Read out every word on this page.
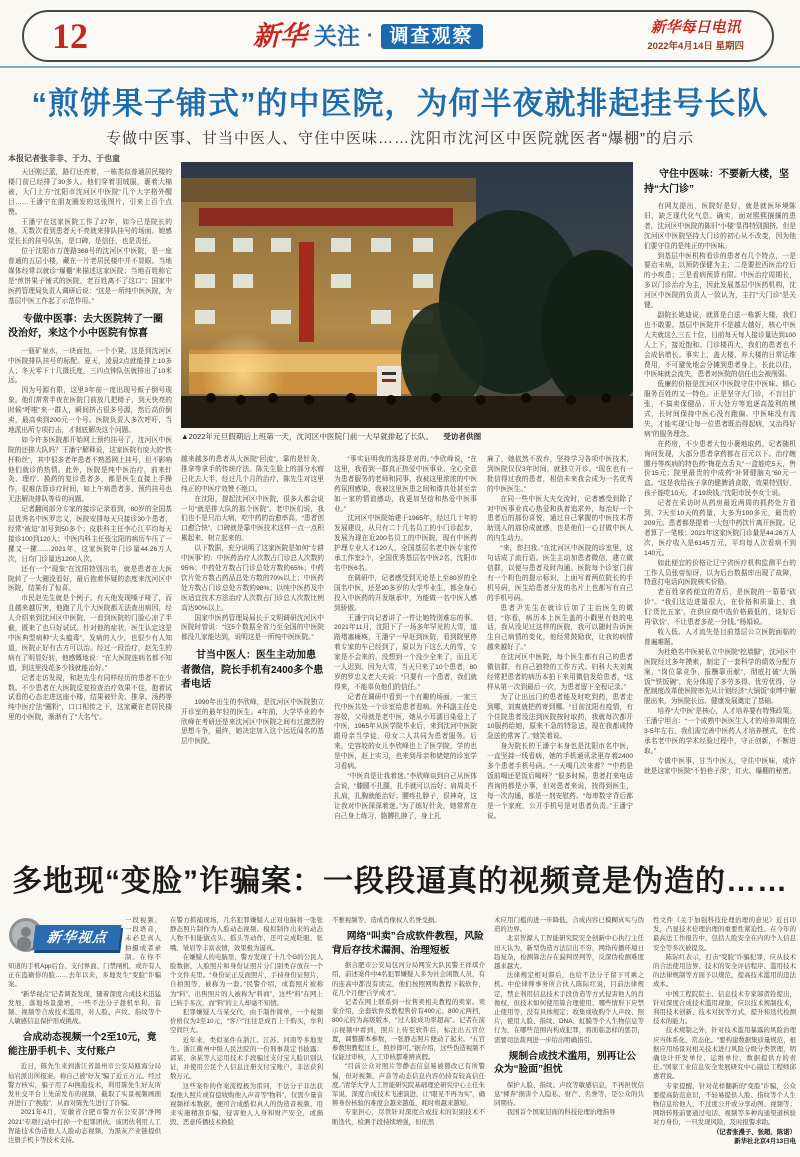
12	新华 关注 · 调查观察	新华每日电讯
2022年4月14日 星期四
“煎饼果子铺式”的中医院，为何半夜就排起挂号长队
专做中医事、甘当中医人、守住中医味……沈阳市沈河区中医院就医者“爆棚”的启示
本报记者张非非、于力、于也童
天还刚泛蓝，路灯还亮着，一栋类似普通居民楼的楼门前已经排了30多人。他们穿着羽绒服，裹着大棉被，大门上方“沈阳市沈河区中医院”几个大字格外醒目……王潘宁在朋友圈发的这张图片，引来上百个点赞。
王潘宁在这家医院工作了27年，如今已是院长的她，无数次看到患者天不亮就来排队挂号的场面。她感觉长长的挂号队伍，是口碑，是信任，也是责任。
位于沈阳市万莲路368号的沈河区中医院，是一座普通的五层小楼，藏在一片老居民楼中并不显眼。当地媒体经常以就诊“爆棚”来描述这家医院；当地百姓称它是“煎饼果子铺式的医院，老百姓离不了这口”；国家中医药管理局负责人调研后说：“这是一所纯中医医院，为基层中医工作起了示范作用。”
专做中医事：去大医院转了一圈没治好，来这个小中医院有惊喜
一瓶矿泉水，一块面包，一个小凳，这是到沈河区中医院排队挂号的标配。夏天，凌晨2点就能排上10多人；冬天零下十几摄氏度，三四点钟队伍就排出了10米远。
因为号源有限，这里3年前一度出现号贩子倒号现象。他们常常半夜在医院门前放几把椅子，到天快亮的时候“呼啦”来一群人，瞬间挤占很多号源，然后高价倒卖，最高卖到200元一个号。医院负责人多次呼吁，当地派出所专项打击，才彻底解决这个问题。
如今许多医院都开始网上预约挂号了，沈河区中医院的还排大队吗？王潘宁解释说，这家医院有庞大的“铁杆粉丝”，其中很多老年患者不熟悉网上挂号，但不影响他们就诊的热情。此外，医院是纯中医治疗，前来针灸、理疗、换药的复诊患者多，都是医生直接上手操作，很难估算诊疗时间，如上午病患者多，预约挂号也无法解决排队等待的问题。
记者翻阅部分专家的接诊记录看到，80岁的全国基层优秀名中医罗忠义，医院安排每天只接诊30个患者，经常“被迫”加号到50多个；皮肤科主任李心江平均每天接诊100到120人；中医内科主任张宝阳的病历车压了一摞又一摞……2021年，这家医院年门诊量44.26万人次，日均门诊量达1200人次。
还有一个“现象”在沈阳特别出名，就是患者在大医院转了一大圈没看好，最后抱着怀疑的态度来沈河区中医院，结果有了惊喜。
市民赵先生就是个例子。有天他发现嗓子哑了，而且越来越厉害，他跑了几个大医院都无法查出病因，经人介绍来到沈河区中医院，一看到医院的门脸心凉了半截，既来了也只好试试。针对他的症状，医生认定这是中医典型病种“大头瘟毒”，发病的人少，也很少有人知道，医院正好有古方可以治。经过一段治疗，赵先生的病有了明显好转，他感慨地说：“在大医院连病名都不知道，到这里没花多少钱就能治好。”
记者走访发现，和赵先生有同样经历的患者不在少数。不少患者在大医院反复检查治疗效果不佳，抱着试试看的心态走进这座小楼，结果被针灸、推拿、汤药等纯中医疗法“圈粉”，口口相传之下，这家藏在老居民楼里的小医院，渐渐有了“大名气”。
▲2022年元旦假期后上班第一天，沈河区中医院门前一大早就排起了长队。 受访者供图
越来越多的患者从大医院“回流”，靠的是针灸、推拿等拿手的传统疗法。陈先生脸上的部分水瘤已化去大半，经过几个月的治疗，陈先生对这里纯正的中医疗效赞不绝口。
在沈阳，提起沈河区中医院，很多人都会说一句“就是排大队的那个医院”。老中医们说，我们也不是只治大病，吃中药的治愈率高，“患者创口愈合快”，口碑就是靠中医技术这样一点一点积累起来、树立起来的。
以下数据，充分说明了这家医院是如何“专耕中医事”的：中医药治疗人次数占门诊总人次数的95%；中药处方数占门诊总处方数的65%；中药饮片处方数占药品总处方数的70%以上；中医药处方数占门诊总处方数的98%；以纯中医药及中医适宜技术方法治疗人次数占门诊总人次数比例高达90%以上。
国家中医药管理局局长于文明调研沈河区中医院时曾说：“这5个数据全省乃至全国的中医院都没几家能达到，说明这是一所纯中医医院。”
甘当中医人：医生主动加患者微信，院长手机有2400多个患者电话
1990年出生的李欣峰，是沈河区中医院独立开诊室的最年轻的医生。4年前，大学毕业的李欣峰在考研还是来沈河区中医院之间有过激烈的思想斗争，最终，她决定加入这个远近闻名的基层中医院。
“事实证明我的选择是对的。”李欣峰说，“在这里，我看到一群真正热爱中医事业、全心全意为患者服务的老师和同事，我被这里浓浓的中医药氛围感染，我被这里医患之间和谐共处甚至亲如一家的情谊感动，我更加坚信和热爱中医事业。”
沈河区中医院始建于1965年，经过几十年的发展建设，从只有二十几名员工的小门诊起步，发展为现在近200名员工的中医院，现有中医药护理专业人才120人，全国基层名老中医专家传承工作室2个，全国优秀基层名中医2名，沈阳市名中医6名。
在调研中，记者感受到无论是上至80岁的全国名中医，还是20多岁的大学毕业生，都全身心投入中医药的开发继承中，为能做一名中医人感到骄傲。
王潘宁向记者讲了一件让她特别难忘的事。2021年11月，沈阳下了一场多年罕见的大雪，道路堵塞瘫痪，王潘宁一早赶到医院，看到院里停着专家的车已经到了，原以为下这么大的雪，专家是不会来的，没想到一个没少全来了，而且无一人迟到。因为大雪，当天只来了10个患者，80岁的罗忠义老大夫说：“只要有一个患者，我们就得来，不能辜负他们的信任。”
记者在调研中看到一个有趣的场面，一家三代中医共处一个诊室给患者看病。外科副主任史容姣，父母就是老中医，她从小耳濡目染爱上了中医，1965年从医学院毕业后，来到沈河中医院跟母亲当学徒，母女二人共同为患者服务。后来，史容姣的女儿李欣峰也上了医学院，学的也是中医，赶上实习，也来到母亲和姥姥的诊室学习看病。
“中医真是让我着迷。”李欣峰谈到自己从医体会说，“膝腿不扎腿，扎手就可以治好；肩周炎不扎肩，扎胸就能治好；腰疼扎脖子，很神奇，这让我对中医深深着迷。”为了练好针灸，她常常在自己身上练习，胳膊扎肿了，身上扎
麻了，她依然不放弃，坚持学习各项中医技术，到医院仅仅3年时间，就独立开诊。“现在也有一批信得过我的患者，相信未来我会成为一名优秀的中医医生。”
在同一些中医大夫交流时，记者感受到除了对中医事业真心热爱和执着追求外，每治好一个患者后的那份喜悦，通过自己掌握的中医技术帮助别人的那份成就感，也是他们一心甘做中医人的内生动力。
“来，您扫我。”在沈河区中医院的诊室里，这句话成了流行语。医生主动加患者微信，建立微信群，以便与患者及时沟通。医院每个诊室门前有一个粉色的提示标识，上面写着两位院长的手机号码，医生给患者分发的名片上也都写有自己的手机号码。
患者尹先生在就诊后加了主治医生的微信，“你看，病历本上医生盖的小戳里有他的电话，我从没见过这样的医院，我可以随时告诉医生自己病情的变化，他经常鼓励我，让我的病情越来越好了。”
在沈河区中医院，每个医生都有自己的患者微信群，有自己独特的工作方式。妇科大夫刘爽经常把患者的病历本拍下来用微信发给患者，“这样从第一次到最后一次，为患者留下全程记录。”
为了让出远门的患者能及时吃到药，患者走到哪，刘爽就把药寄到哪。“目前沈阳有疫情，有个住院患者没法到医院按时取药，我就每次都开10服药给她，原来不急的特急送，现在我都成特急送的常客了。”她笑着说。
身为院长的王潘宁本身也是沈阳市名中医，一直坚持一线看病，她的手机通讯录里存着2400多个患者手机号码。“一天喝几次来着？”“中药是饭前喝还是饭后喝呀？”很多时候，患者打来电话咨询的都是小事，但对患者来说，找得到医生，每一次沟通，都是一剂安慰药。“每串数字背后都是一个家庭，公开手机号是对患者负责。”王潘宁说。
守住中医味：不要新大楼，坚持“大门诊”
有网友提出，医院好是好，就是就医环境陈旧，缺乏现代化气息。确实，面对熙熙攘攘的患者，沈河区中医院的陈旧“小楼”显得特别拥挤。但是沈河区中医院坚持大门诊的初心从不改变，因为他们要守住的是纯正的中医味。
到基层中医机构看诊的患者有几个特点，一是要治未病，以预防保健为主；二是要挖西医治疗后的小疾患；三是看病预算有限。中医治疗周期长，多以门诊治疗为主，因此发展基层中医药机构，沈河区中医院的负责人一致认为，主打“大门诊”是关键。
副院长姚迪说，就算是白送一栋新大楼，我们也不敢要。基层中医院并不是越大越好，核心中医大夫就这么三五十位，目前每天每人接诊量达到100人上下，接近饱和。门诊楼再大，我们的患者也不会成倍增长。事实上，盖大楼、养大楼的日常运维费用，不可避免地会分摊到患者身上，长此以往，中医味就会流失，患者对医院的信任也会被削弱。
低廉的价格是沈河区中医院守住中医味、倾心服务百姓的又一特色。正是坚守大门诊，不盲目扩张，不搞卖保健品、开大处方等追逐高盈利的模式，长时间保持中医心没有跑偏、中医味没有流失，才能实现“让每一位患者既治得起病，又治得好病”的服务理念。
在药房，不少患者大包小裹地取药。记者随机询问发现，大部分患者拿药都在百元以下。治疗缠腰丹等疾病的特色药“梅花点舌丸”一盒能吃5天，售价15元；院里最贵的中成药“补肾健脑丸”60元一盒。“这是我给孩子拿的健脾消食散，效果特别好，孩子能吃10天，才19块钱。”沈阳市民李女士说。
记者在采访时从药房最近两周的抓药处方看到，7天至10天的药量，大多为100多元，最贵的209元。患者都是提着一大包中药饮片离开医院。记者算了一笔账：2021年这家医院门诊量是44.26万人次，医疗收入是6145万元，平均每人次看病不到140元。
如此便宜的价格让辽宁省医疗机构监测平台的工作人员张帝惊讶，以为后台数据库出现了故障，特意打电话向医院核实价格。
老百姓拿药便宜的背后，是医院的一幕幕“砍价”。“我们这边进量很大，在价格和质量上，我们‘货比五家’，在供应商中选价格最低的，谈好后再‘砍价’，不让患者多花一分钱。”杨娟说。
收入低、人才流失是目前基层公立医院面临的普遍难题。
为杜绝名中医被私立中医院“挖墙脚”，沈河区中医院经过多年摸索，制定了一套科学的绩效分配方案，“岗位靠竞争，报酬靠贡献”，彻底打破“大锅饭”“铁饭碗”，充分体现了多劳多得、优劳优得，分配制度改革使医院率先从计划经济“大锅饭”束缚中解脱出来，为医院长远、健康发展奠定了基础。
培养“大中医”是核心，人才培养要有特殊政策。王潘宁坦言：“一个成熟中医医生人才的培养周期在3-5年左右，我们需完善中医药人才培养模式，在传承名老中医的学术经验过程中，守正创新，不断进取。”
专做中医事，甘当中医人，守住中医味，或许就是这家中医院“不怕巷子深”，红火、爆棚的秘密。
多地现“变脸”诈骗案：一段段逼真的视频竟是伪造的……
新华视点
一段视频、一段语音，未必是真人拍摄或者录制。在你不知道的手机App后台、支付界面、门禁闸机，或许有人正在盗刷你的脸……去年以来，多地发生“变脸”诈骗案。
“新华视点”记者调查发现，随着深度合成技术迅猛发展，落地场景激增，一些不法分子趁机牟利。音频、视频等合成技术滥用，对人脸、声纹、指纹等个人敏感信息保护形成挑战。
合成动态视频一个2至10元，竟能注册手机卡、支付账户
近日，陈先生来到浙江省温州市公安局瓯海分局仙岩派出所报案，称自己被“好友”骗了近五万元。经过警方核实，骗子用了AI换脸技术，利用陈先生好友所发社交平台上先前发布的视频，截取了实景视频画面并进行了“换脸”，从而对陈先生进行了诈骗。
2021年4月，安徽省合肥市警方在公安部“净网2021”专项行动中打掉一个犯罪团伙。该团伙利用人工智能技术伪造他人人脸动态视频，为黑灰产业链提供注册手机卡等技术支持。
在警方抓捕现场，几名犯罪嫌疑人正对电脑将一张张静态照片制作为人脸动态视频。模拟制作出来的动态人物不但能做点头、摇头等动作，还可完成眨眼、张嘴、皱眉等丰富表情，效果极为逼真。
在嫌疑人的电脑里，警方发现了十几个G的公民人脸数据，人脸照片和身份证照片分门别类存放在一个个文件夹里。“身份证正反面照片，手持身份证照片，自拍照等，被称为一套。”民警介绍，成套照片被称为“料”，出售照片的人被称为“料商”，这些“料”在网上已转手多次，而“料”的主人却毫不知情。
犯罪嫌疑人马某交代，由于制作简单，一个视频价格仅为2至10元，“客户”往往是成百上千购买，牟利空间巨大。
近年来，类似案件在浙江、江苏、河南等多地发生。浙江衢州中级人民法院的一份刑事裁定书披露：郭某、余某等人运用技术手段骗过支付宝人脸识别认证，并使用公民个人信息注册支付宝账户，非法获利数万元。
这些案件的作案流程极为雷同，不法分子非法获取他人照片或有偿收购他人声音等“物料”，仅需少量音视频样本数据，便可合成酷似真人的伪造音视频，用来实施精准诈骗，侵害他人人身和财产安全，或损毁、恶意传播技术换脸
不雅视频等，造成肖像权人名誉受损。
网络“叫卖”合成软件教程，风险背后存技术漏洞、治理短板
据合肥市公安局包河分局网安大队民警王祥琪介绍，前述案件中4名犯罪嫌疑人多为社会闲散人员，有的连高中都没有读完，他们按照网购教程下载软件，花几个月便“自学成才”。
记者在网上联系到一位售卖相关教程的卖家。卖家介绍，全套软件及教程售价有400元、800元两档，800元的为高级版本，“过人脸成功率超高”。记者在演示视频中看到，照片上传至软件后，标注出五官位置，调整脚本参数，一张静态照片便动了起来。“五官参数照教程这上，照抄即可。”据介绍，这些伪造视频不仅能过审核，人工审核都难辨真假。
“目前公众对照片等静态信息易被篡改已有所警惕，但对视频、声音等动态信息内容仍持有较高信任度。”清华大学人工智能研究院基础理论研究中心主任朱军说，深度合成技术飞速演进，让“眼见不再为实”，确辨身份核验的难度会越来越低，耗时将越来越短。
专家担心，尽管针对深度合成技术的识别技术不断迭代，检测手段持续增强，但依然
术应用门槛的进一步降低，合成内容已模糊真实与伪造的边界。
北京智源人工智能研究院安全创新中心执行主任田天认为，新型伪造方法层出不穷，网络传播环境日趋复杂，检测算法存在漏判误判等，反深伪检测难度越来越大。
法律规定相对滞后，也给不法分子留下可乘之机。中伦律师事务所合伙人陈际红说，目前法律规定，禁止利用信息技术手段伪造等方式侵害他人的肖像权，但技术如何使用算合理使用、哪些情形下应禁止使用等，没有具体规定；收集或收购个人声纹、照片，使用人脸、指纹、DNA、虹膜等个人生物信息等行为，在哪些范围内构成犯罪，将面临怎样的惩罚，需要司法裁判进一步给出明确指引。
规制合成技术滥用，别再让公众为“脸面”担忧
保护人脸、指纹、声纹等敏感信息，不再担忧信息“裸奔”损害个人隐私、财产、名誉等，是公众的共同期待。
我国首个国家层面的科技伦理治理指导
性文件《关于加强科技伦理治理的意见》近日印发，凸显技术伦理治理的重要性紧迫性。在今年的最高法工作报告中，包括人脸安全在内的个人信息安全等多次被提及。
陈际红表示，打击“变脸”诈骗犯罪，应从技术的合法使用边界、技术的安全评估程序、滥用技术的法律规制等方面予以规范，提高技术滥用的违法成本。
中国工程院院士、信息技术专家邬贺铨提出，针对深度合成技术滥用现象，应以技术规制技术，利用技术创新、技术对抗等方式，提升和迭代检测技术的能力。
技术规制之外，针对技术滥用暴露的风险治理应当体系化、常态化。“要构建数据集质量规范，根据应用场景对相关技术进行风险分级分类管理，明确设计开发单位、运维单位、数据提供方的责任。”国家工业信息安全发展研究中心副总工程师邱惠君说。
专家提醒，针对花样翻新的“变脸”诈骗，公众要提高防范意识，不轻易提供人脸、指纹等个人生物信息给他人，不过度公开或分享动图、视频等；网络转账前要通过电话、视频等多种沟通渠道核验对方身份，一旦发现风险，及时报警求助。
（记者张漫子、张超、陈诺）
新华社北京4月13日电
